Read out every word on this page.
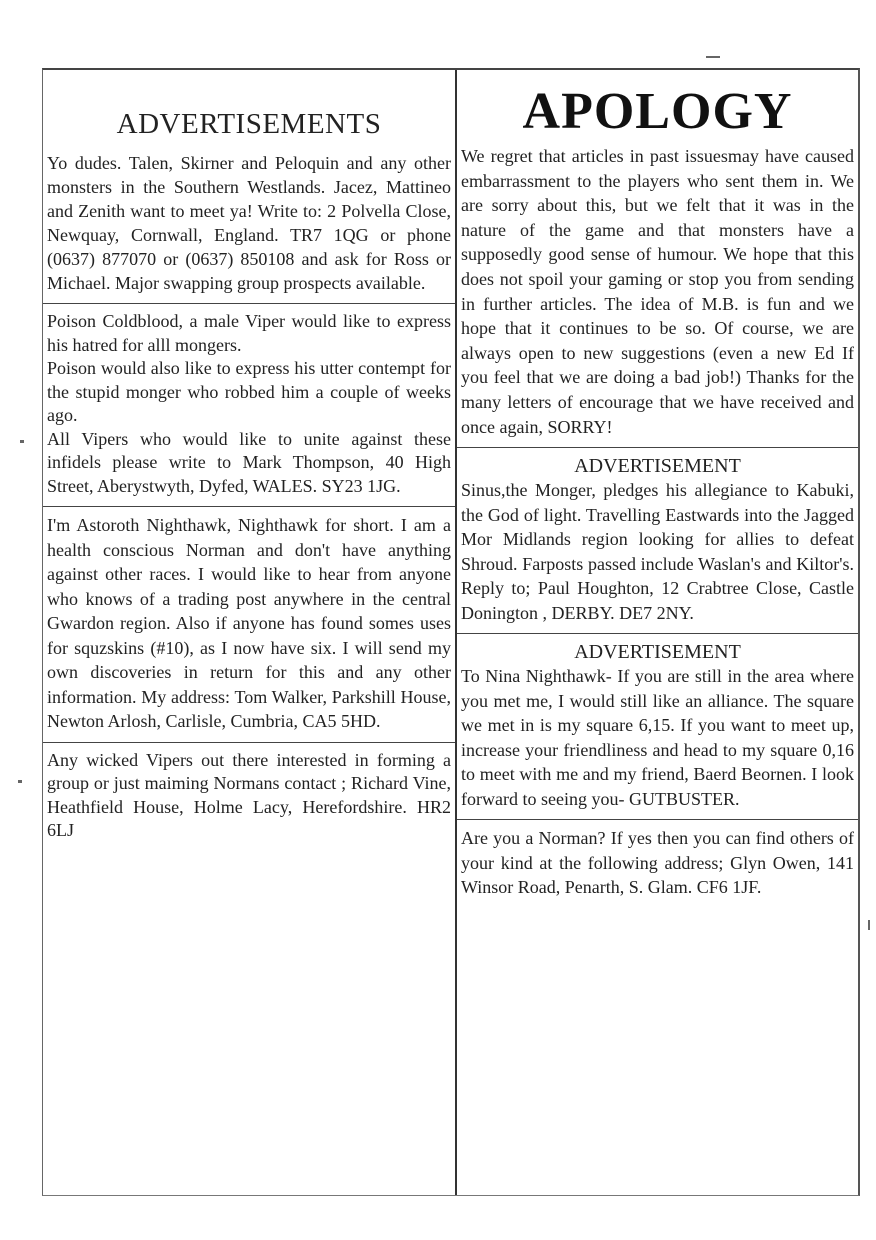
ADVERTISEMENTS

Yo dudes. Talen, Skirner and Peloquin and any other monsters in the Southern Westlands. Jacez, Mattineo and Zenith want to meet ya! Write to: 2 Polvella Close, Newquay, Cornwall, England. TR7 1QG or phone (0637) 877070 or (0637) 850108 and ask for Ross or Michael. Major swapping group prospects available.

Poison Coldblood, a male Viper would like to express his hatred for alll mongers.

Poison would also like to express his utter contempt for the stupid monger who robbed him a couple of weeks ago.

All Vipers who would like to unite against these infidels please write to Mark Thompson, 40 High Street, Aberystwyth, Dyfed, WALES. SY23 1JG.

I'm Astoroth Nighthawk, Nighthawk for short. I am a health conscious Norman and don't have anything against other races. I would like to hear from anyone who knows of a trading post anywhere in the central Gwardon region. Also if anyone has found somes uses for squzskins (#10), as I now have six. I will send my own discoveries in return for this and any other information. My address: Tom Walker, Parkshill House, Newton Arlosh, Carlisle, Cumbria, CA5 5HD.

Any wicked Vipers out there interested in forming a group or just maiming Normans contact ; Richard Vine, Heathfield House, Holme Lacy, Herefordshire. HR2 6LJ

APOLOGY

We regret that articles in past issuesmay have caused embarrassment to the players who sent them in. We are sorry about this, but we felt that it was in the nature of the game and that monsters have a supposedly good sense of humour. We hope that this does not spoil your gaming or stop you from sending in further articles. The idea of M.B. is fun and we hope that it continues to be so. Of course, we are always open to new suggestions (even a new Ed If you feel that we are doing a bad job!) Thanks for the many letters of encourage that we have received and once again, SORRY!

ADVERTISEMENT

Sinus,the Monger, pledges his allegiance to Kabuki, the God of light. Travelling Eastwards into the Jagged Mor Midlands region looking for allies to defeat Shroud. Farposts passed include Waslan's and Kiltor's. Reply to; Paul Houghton, 12 Crabtree Close, Castle Donington , DERBY. DE7 2NY.

ADVERTISEMENT

To Nina Nighthawk- If you are still in the area where you met me, I would still like an alliance. The square we met in is my square 6,15. If you want to meet up, increase your friendliness and head to my square 0,16 to meet with me and my friend, Baerd Beornen. I look forward to seeing you- GUTBUSTER.

Are you a Norman? If yes then you can find others of your kind at the following address; Glyn Owen, 141 Winsor Road, Penarth, S. Glam. CF6 1JF.
